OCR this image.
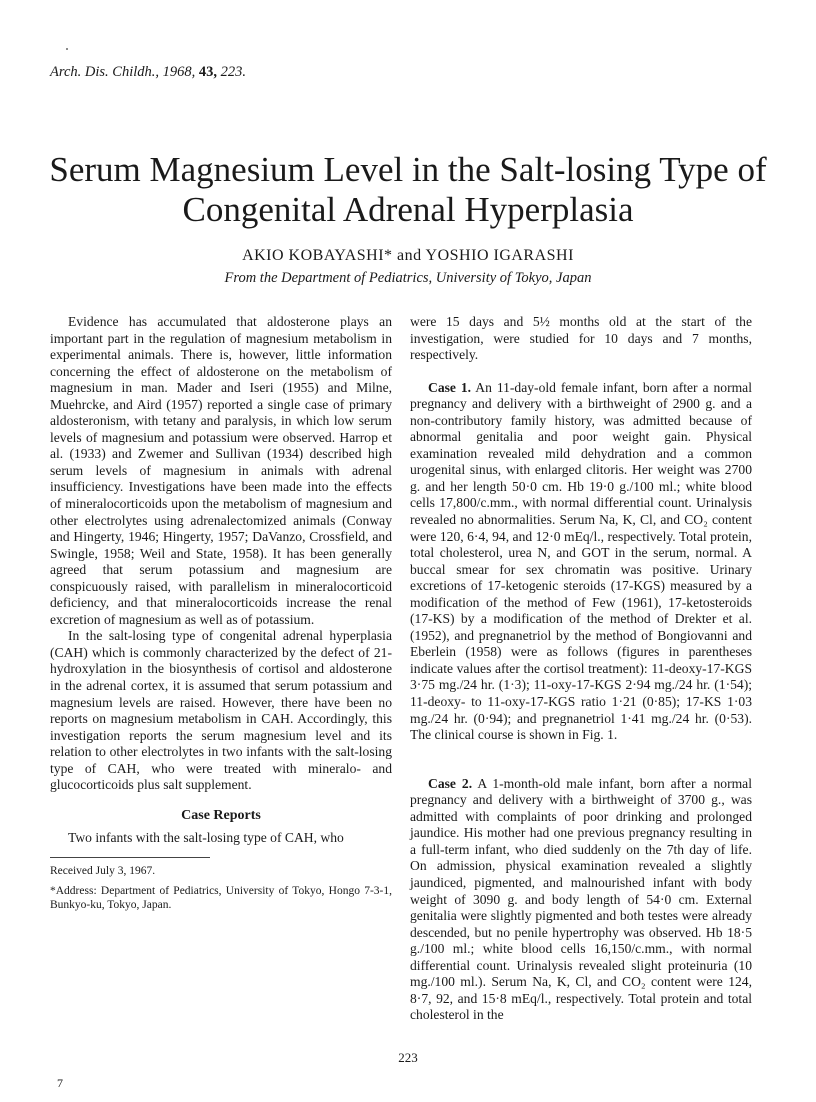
Arch. Dis. Childh., 1968, 43, 223.
Serum Magnesium Level in the Salt-losing Type of
Congenital Adrenal Hyperplasia
AKIO KOBAYASHI* and YOSHIO IGARASHI
From the Department of Pediatrics, University of Tokyo, Japan

Evidence has accumulated that aldosterone plays an important part in the regulation of magnesium metabolism in experimental animals. There is, however, little information concerning the effect of aldosterone on the metabolism of magnesium in man. Mader and Iseri (1955) and Milne, Muehrcke, and Aird (1957) reported a single case of primary aldosteronism, with tetany and paralysis, in which low serum levels of magnesium and potassium were observed. Harrop et al. (1933) and Zwemer and Sullivan (1934) described high serum levels of magnesium in animals with adrenal insufficiency. Investigations have been made into the effects of mineralocorticoids upon the metabolism of magnesium and other electrolytes using adrenalectomized animals (Conway and Hingerty, 1946; Hingerty, 1957; DaVanzo, Crossfield, and Swingle, 1958; Weil and State, 1958). It has been generally agreed that serum potassium and magnesium are conspicuously raised, with parallelism in mineralocorticoid deficiency, and that mineralocorticoids increase the renal excretion of magnesium as well as of potassium.

In the salt-losing type of congenital adrenal hyperplasia (CAH) which is commonly characterized by the defect of 21-hydroxylation in the biosynthesis of cortisol and aldosterone in the adrenal cortex, it is assumed that serum potassium and magnesium levels are raised. However, there have been no reports on magnesium metabolism in CAH. Accordingly, this investigation reports the serum magnesium level and its relation to other electrolytes in two infants with the salt-losing type of CAH, who were treated with mineralo- and glucocorticoids plus salt supplement.

Case Reports

Two infants with the salt-losing type of CAH, who

Received July 3, 1967.

*Address: Department of Pediatrics, University of Tokyo, Hongo 7-3-1, Bunkyo-ku, Tokyo, Japan.

were 15 days and 5½ months old at the start of the investigation, were studied for 10 days and 7 months, respectively.

Case 1. An 11-day-old female infant, born after a normal pregnancy and delivery with a birthweight of 2900 g. and a non-contributory family history, was admitted because of abnormal genitalia and poor weight gain. Physical examination revealed mild dehydration and a common urogenital sinus, with enlarged clitoris. Her weight was 2700 g. and her length 50·0 cm. Hb 19·0 g./100 ml.; white blood cells 17,800/c.mm., with normal differential count. Urinalysis revealed no abnormalities. Serum Na, K, Cl, and CO₂ content were 120, 6·4, 94, and 12·0 mEq/l., respectively. Total protein, total cholesterol, urea N, and GOT in the serum, normal. A buccal smear for sex chromatin was positive. Urinary excretions of 17-ketogenic steroids (17-KGS) measured by a modification of the method of Few (1961), 17-ketosteroids (17-KS) by a modification of the method of Drekter et al. (1952), and pregnanetriol by the method of Bongiovanni and Eberlein (1958) were as follows (figures in parentheses indicate values after the cortisol treatment): 11-deoxy-17-KGS 3·75 mg./24 hr. (1·3); 11-oxy-17-KGS 2·94 mg./24 hr. (1·54); 11-deoxy- to 11-oxy-17-KGS ratio 1·21 (0·85); 17-KS 1·03 mg./24 hr. (0·94); and pregnanetriol 1·41 mg./24 hr. (0·53). The clinical course is shown in Fig. 1.

Case 2. A 1-month-old male infant, born after a normal pregnancy and delivery with a birthweight of 3700 g., was admitted with complaints of poor drinking and prolonged jaundice. His mother had one previous pregnancy resulting in a full-term infant, who died suddenly on the 7th day of life. On admission, physical examination revealed a slightly jaundiced, pigmented, and malnourished infant with body weight of 3090 g. and body length of 54·0 cm. External genitalia were slightly pigmented and both testes were already descended, but no penile hypertrophy was observed. Hb 18·5 g./100 ml.; white blood cells 16,150/c.mm., with normal differential count. Urinalysis revealed slight proteinuria (10 mg./100 ml.). Serum Na, K, Cl, and CO₂ content were 124, 8·7, 92, and 15·8 mEq/l., respectively. Total protein and total cholesterol in the

223
7
